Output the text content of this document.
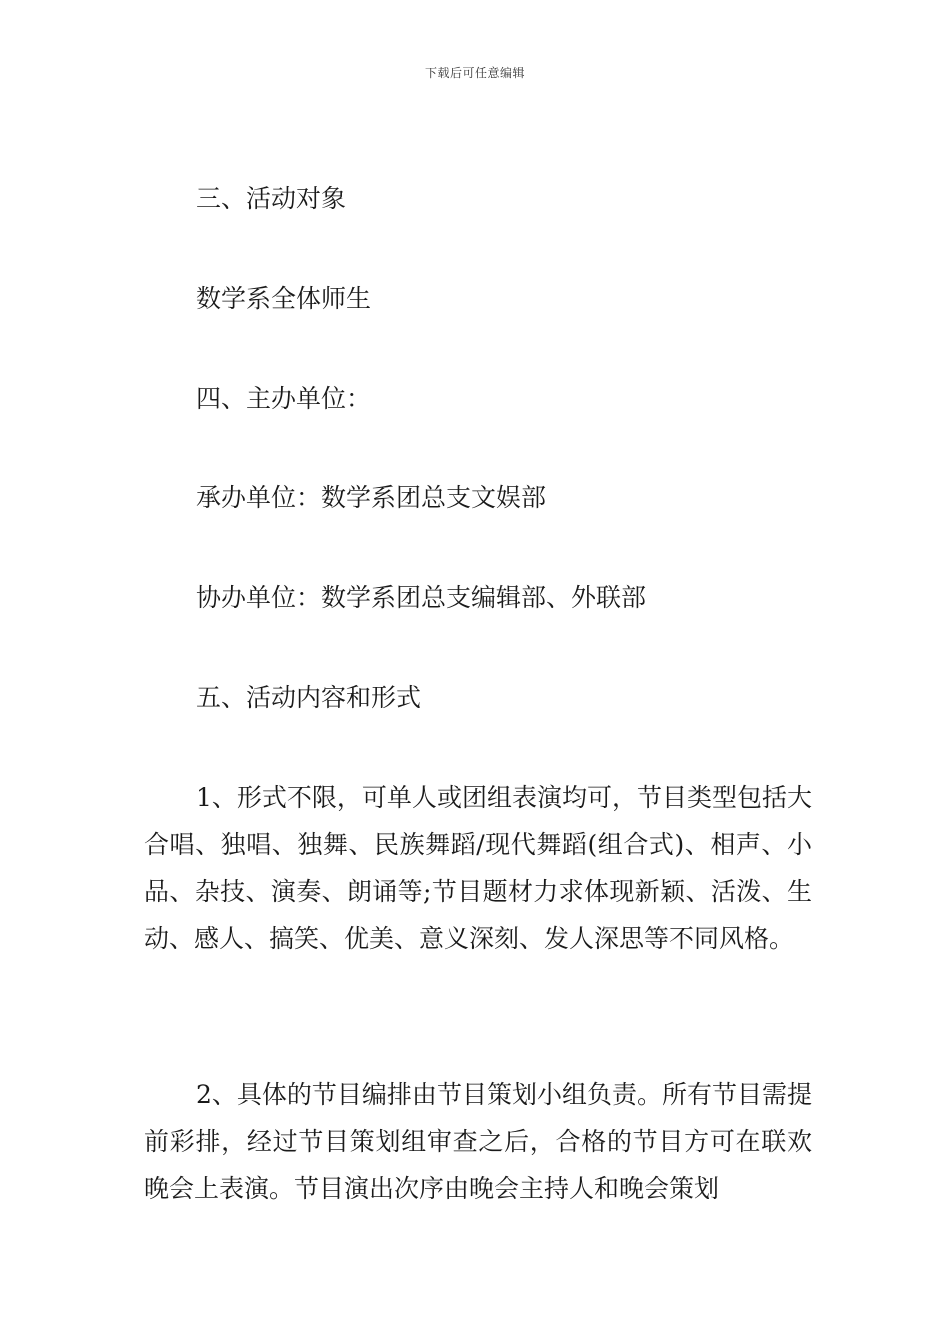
下载后可任意编辑
三、活动对象
数学系全体师生
四、主办单位：
承办单位：数学系团总支文娱部
协办单位：数学系团总支编辑部、外联部
五、活动内容和形式
1、形式不限，可单人或团组表演均可，节目类型包括大合唱、独唱、独舞、民族舞蹈/现代舞蹈(组合式)、相声、小品、杂技、演奏、朗诵等;节目题材力求体现新颖、活泼、生动、感人、搞笑、优美、意义深刻、发人深思等不同风格。
2、具体的节目编排由节目策划小组负责。所有节目需提前彩排，经过节目策划组审查之后，合格的节目方可在联欢晚会上表演。节目演出次序由晚会主持人和晚会策划
